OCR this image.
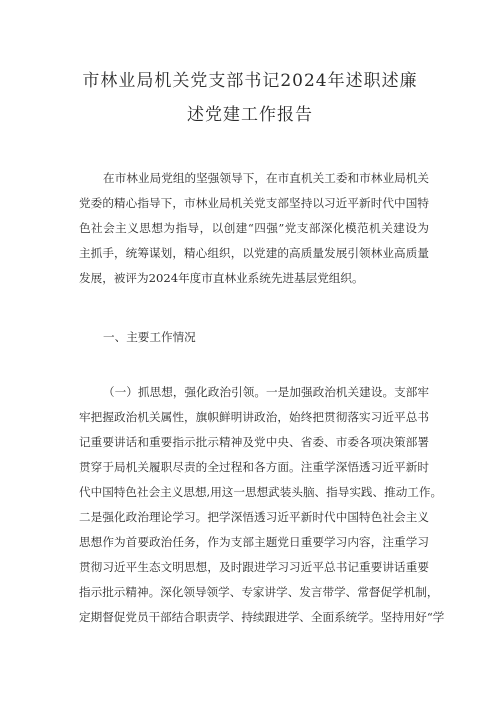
市林业局机关党支部书记2024年述职述廉
述党建工作报告
在市林业局党组的坚强领导下，在市直机关工委和市林业局机关
党委的精心指导下，市林业局机关党支部坚持以习近平新时代中国特
色社会主义思想为指导，以创建“四强”党支部深化模范机关建设为
主抓手，统筹谋划，精心组织，以党建的高质量发展引领林业高质量
发展，被评为2024年度市直林业系统先进基层党组织。
一、主要工作情况
（一）抓思想，强化政治引领。一是加强政治机关建设。支部牢
牢把握政治机关属性，旗帜鲜明讲政治，始终把贯彻落实习近平总书
记重要讲话和重要指示批示精神及党中央、省委、市委各项决策部署
贯穿于局机关履职尽责的全过程和各方面。注重学深悟透习近平新时
代中国特色社会主义思想,用这一思想武装头脑、指导实践、推动工作。
二是强化政治理论学习。把学深悟透习近平新时代中国特色社会主义
思想作为首要政治任务，作为支部主题党日重要学习内容，注重学习
贯彻习近平生态文明思想，及时跟进学习习近平总书记重要讲话重要
指示批示精神。深化领导领学、专家讲学、发言带学、常督促学机制，
定期督促党员干部结合职责学、持续跟进学、全面系统学。坚持用好“学
